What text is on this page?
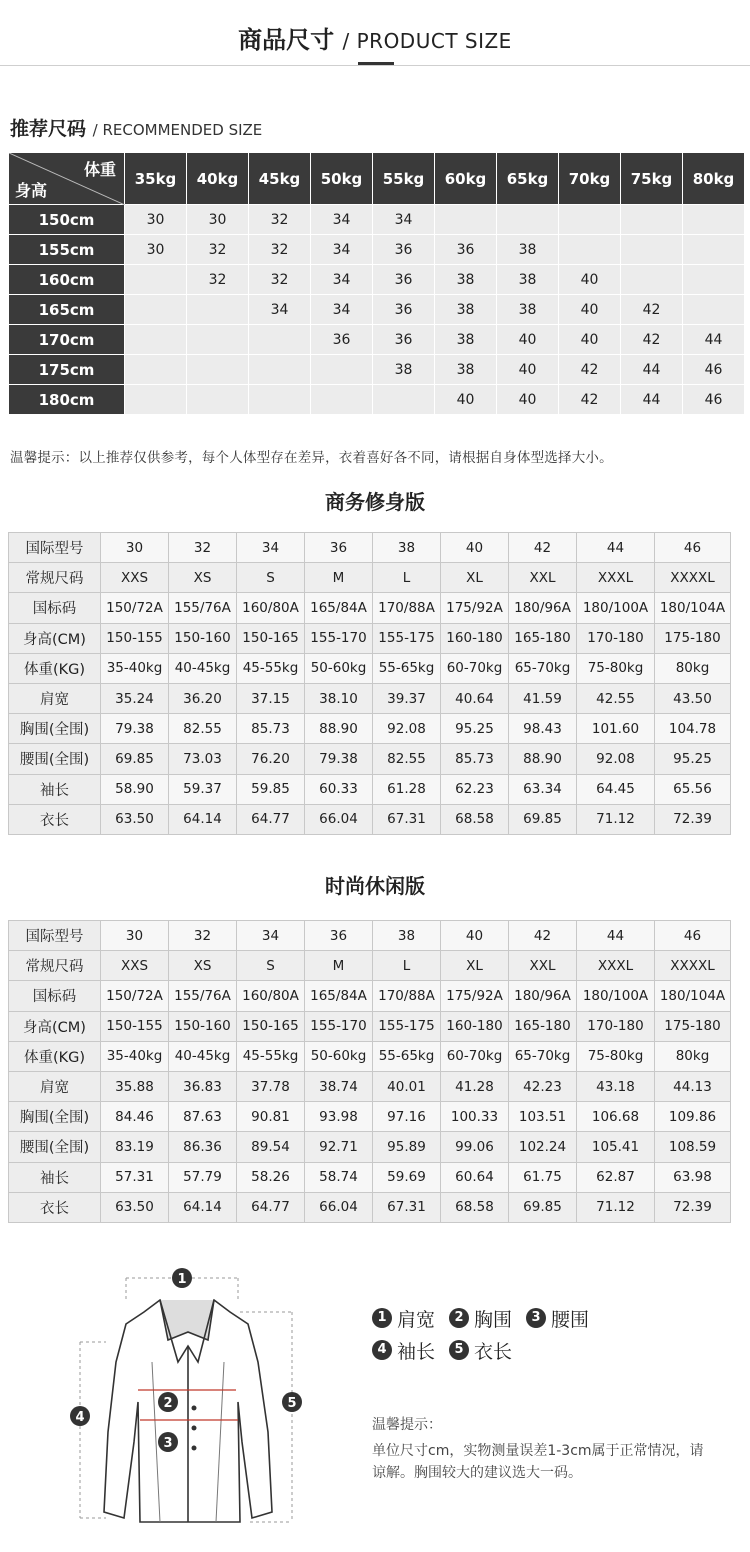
商品尺寸 / PRODUCT SIZE
推荐尺码 / RECOMMENDED SIZE
体重
身高	35kg	40kg	45kg	50kg	55kg	60kg	65kg	70kg	75kg	80kg
150cm	30	30	32	34	34					
155cm	30	32	32	34	36	36	38			
160cm		32	32	34	36	38	38	40		
165cm			34	34	36	38	38	40	42	
170cm				36	36	38	40	40	42	44
175cm					38	38	40	42	44	46
180cm						40	40	42	44	46
温馨提示：以上推荐仅供参考，每个人体型存在差异，衣着喜好各不同，请根据自身体型选择大小。
商务修身版
国际型号	30	32	34	36	38	40	42	44	46
常规尺码	XXS	XS	S	M	L	XL	XXL	XXXL	XXXXL
国标码	150/72A	155/76A	160/80A	165/84A	170/88A	175/92A	180/96A	180/100A	180/104A
身高(CM)	150-155	150-160	150-165	155-170	155-175	160-180	165-180	170-180	175-180
体重(KG)	35-40kg	40-45kg	45-55kg	50-60kg	55-65kg	60-70kg	65-70kg	75-80kg	80kg
肩宽	35.24	36.20	37.15	38.10	39.37	40.64	41.59	42.55	43.50
胸围(全围)	79.38	82.55	85.73	88.90	92.08	95.25	98.43	101.60	104.78
腰围(全围)	69.85	73.03	76.20	79.38	82.55	85.73	88.90	92.08	95.25
袖长	58.90	59.37	59.85	60.33	61.28	62.23	63.34	64.45	65.56
衣长	63.50	64.14	64.77	66.04	67.31	68.58	69.85	71.12	72.39
时尚休闲版
国际型号	30	32	34	36	38	40	42	44	46
常规尺码	XXS	XS	S	M	L	XL	XXL	XXXL	XXXXL
国标码	150/72A	155/76A	160/80A	165/84A	170/88A	175/92A	180/96A	180/100A	180/104A
身高(CM)	150-155	150-160	150-165	155-170	155-175	160-180	165-180	170-180	175-180
体重(KG)	35-40kg	40-45kg	45-55kg	50-60kg	55-65kg	60-70kg	65-70kg	75-80kg	80kg
肩宽	35.88	36.83	37.78	38.74	40.01	41.28	42.23	43.18	44.13
胸围(全围)	84.46	87.63	90.81	93.98	97.16	100.33	103.51	106.68	109.86
腰围(全围)	83.19	86.36	89.54	92.71	95.89	99.06	102.24	105.41	108.59
袖长	57.31	57.79	58.26	58.74	59.69	60.64	61.75	62.87	63.98
衣长	63.50	64.14	64.77	66.04	67.31	68.58	69.85	71.12	72.39
1
2
3
4
5
1 肩宽	2 胸围	3 腰围
4 袖长	5 衣长
温馨提示：
单位尺寸cm，实物测量误差1-3cm属于正常情况，请谅解。胸围较大的建议选大一码。
